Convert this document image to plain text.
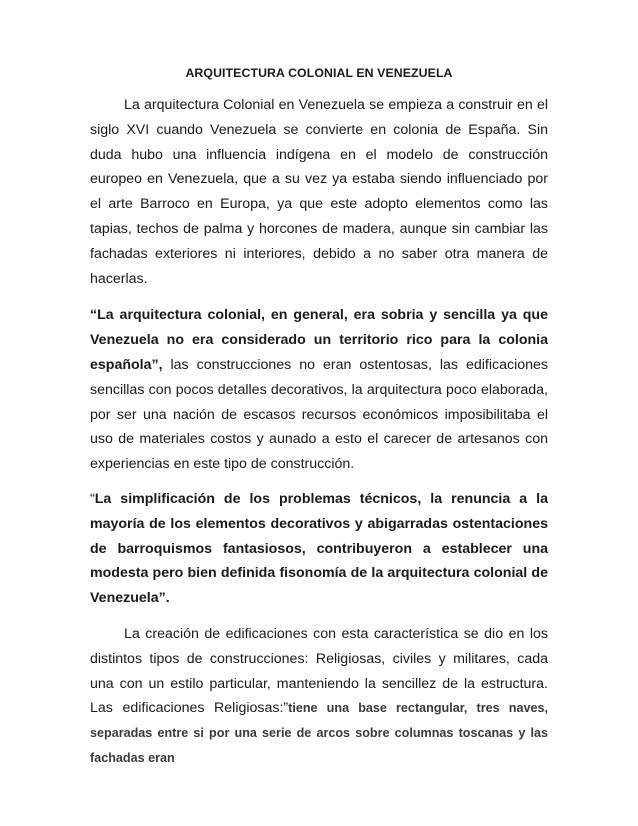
ARQUITECTURA COLONIAL EN VENEZUELA

La arquitectura Colonial en Venezuela se empieza a construir en el siglo XVI cuando Venezuela se convierte en colonia de España. Sin duda hubo una influencia indígena en el modelo de construcción europeo en Venezuela, que a su vez ya estaba siendo influenciado por el arte Barroco en Europa, ya que este adopto elementos como las tapias, techos de palma y horcones de madera, aunque sin cambiar las fachadas exteriores ni interiores, debido a no saber otra manera de hacerlas.

“La arquitectura colonial, en general, era sobria y sencilla ya que Venezuela no era considerado un territorio rico para la colonia española”, las construcciones no eran ostentosas, las edificaciones sencillas con pocos detalles decorativos, la arquitectura poco elaborada, por ser una nación de escasos recursos económicos imposibilitaba el uso de materiales costos y aunado a esto el carecer de artesanos con experiencias en este tipo de construcción.

“La simplificación de los problemas técnicos, la renuncia a la mayoría de los elementos decorativos y abigarradas ostentaciones de barroquismos fantasiosos, contribuyeron a establecer una modesta pero bien definida fisonomía de la arquitectura colonial de Venezuela”.

La creación de edificaciones con esta característica se dio en los distintos tipos de construcciones: Religiosas, civiles y militares, cada una con un estilo particular, manteniendo la sencillez de la estructura. Las edificaciones Religiosas:”tiene una base rectangular, tres naves, separadas entre si por una serie de arcos sobre columnas toscanas y las fachadas eran
